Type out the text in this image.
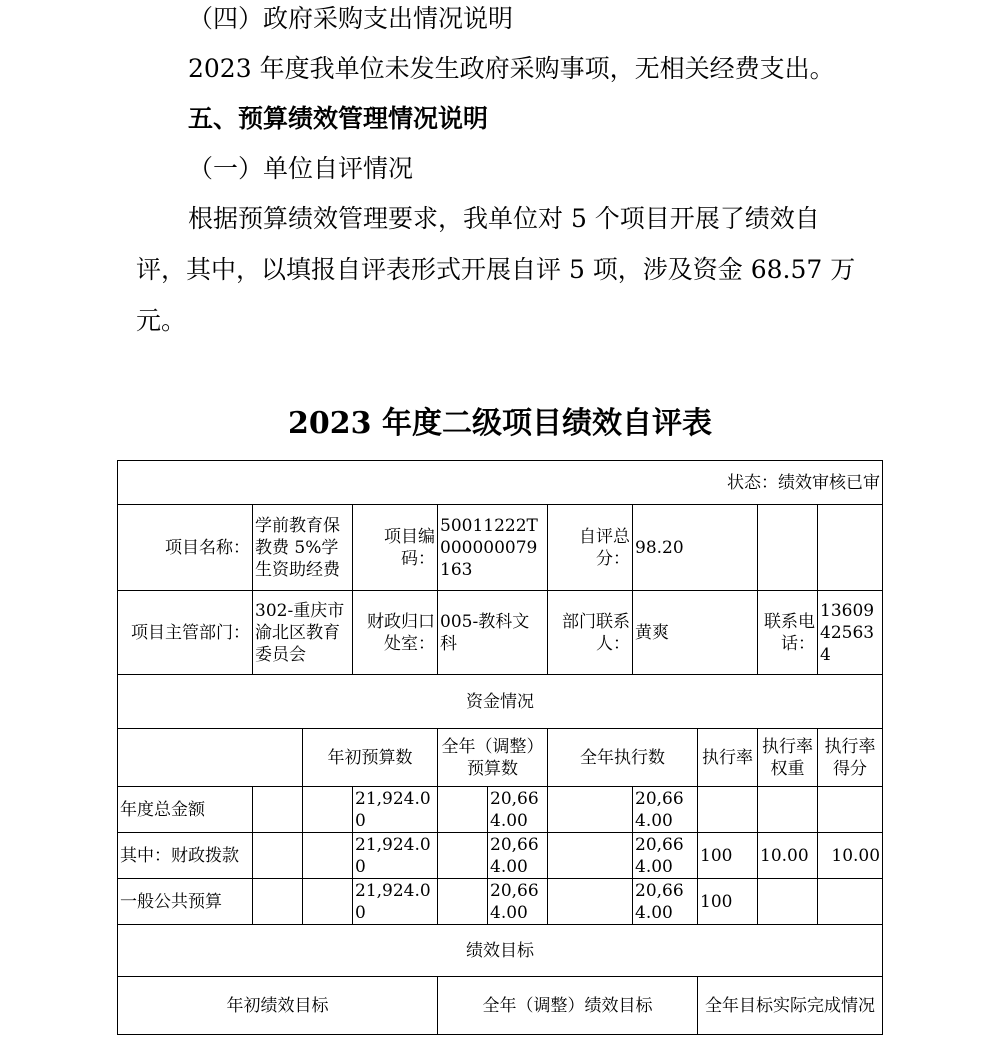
（四）政府采购支出情况说明

2023 年度我单位未发生政府采购事项，无相关经费支出。

五、预算绩效管理情况说明

（一）单位自评情况

根据预算绩效管理要求，我单位对 5 个项目开展了绩效自

评，其中，以填报自评表形式开展自评 5 项，涉及资金 68.57 万

元。

2023 年度二级项目绩效自评表
状态：绩效审核已审										
项目名称：	学前教育保教费 5%学生资助经费		项目编码：	50011222T000000079163		自评总分：	98.20			
项目主管部门：	302-重庆市渝北区教育委员会		财政归口处室：	005-教科文科		部门联系人：	黄爽		联系电话：	13609425634
资金情况										
		年初预算数		全年（调整）预算数		全年执行数		执行率	执行率权重	执行率得分
年度总金额			21,924.00		20,664.00		20,664.00			
其中：财政拨款			21,924.00		20,664.00		20,664.00	100	10.00	10.00
一般公共预算			21,924.00		20,664.00		20,664.00	100		
绩效目标										
年初绩效目标				全年（调整）绩效目标				全年目标实际完成情况		
